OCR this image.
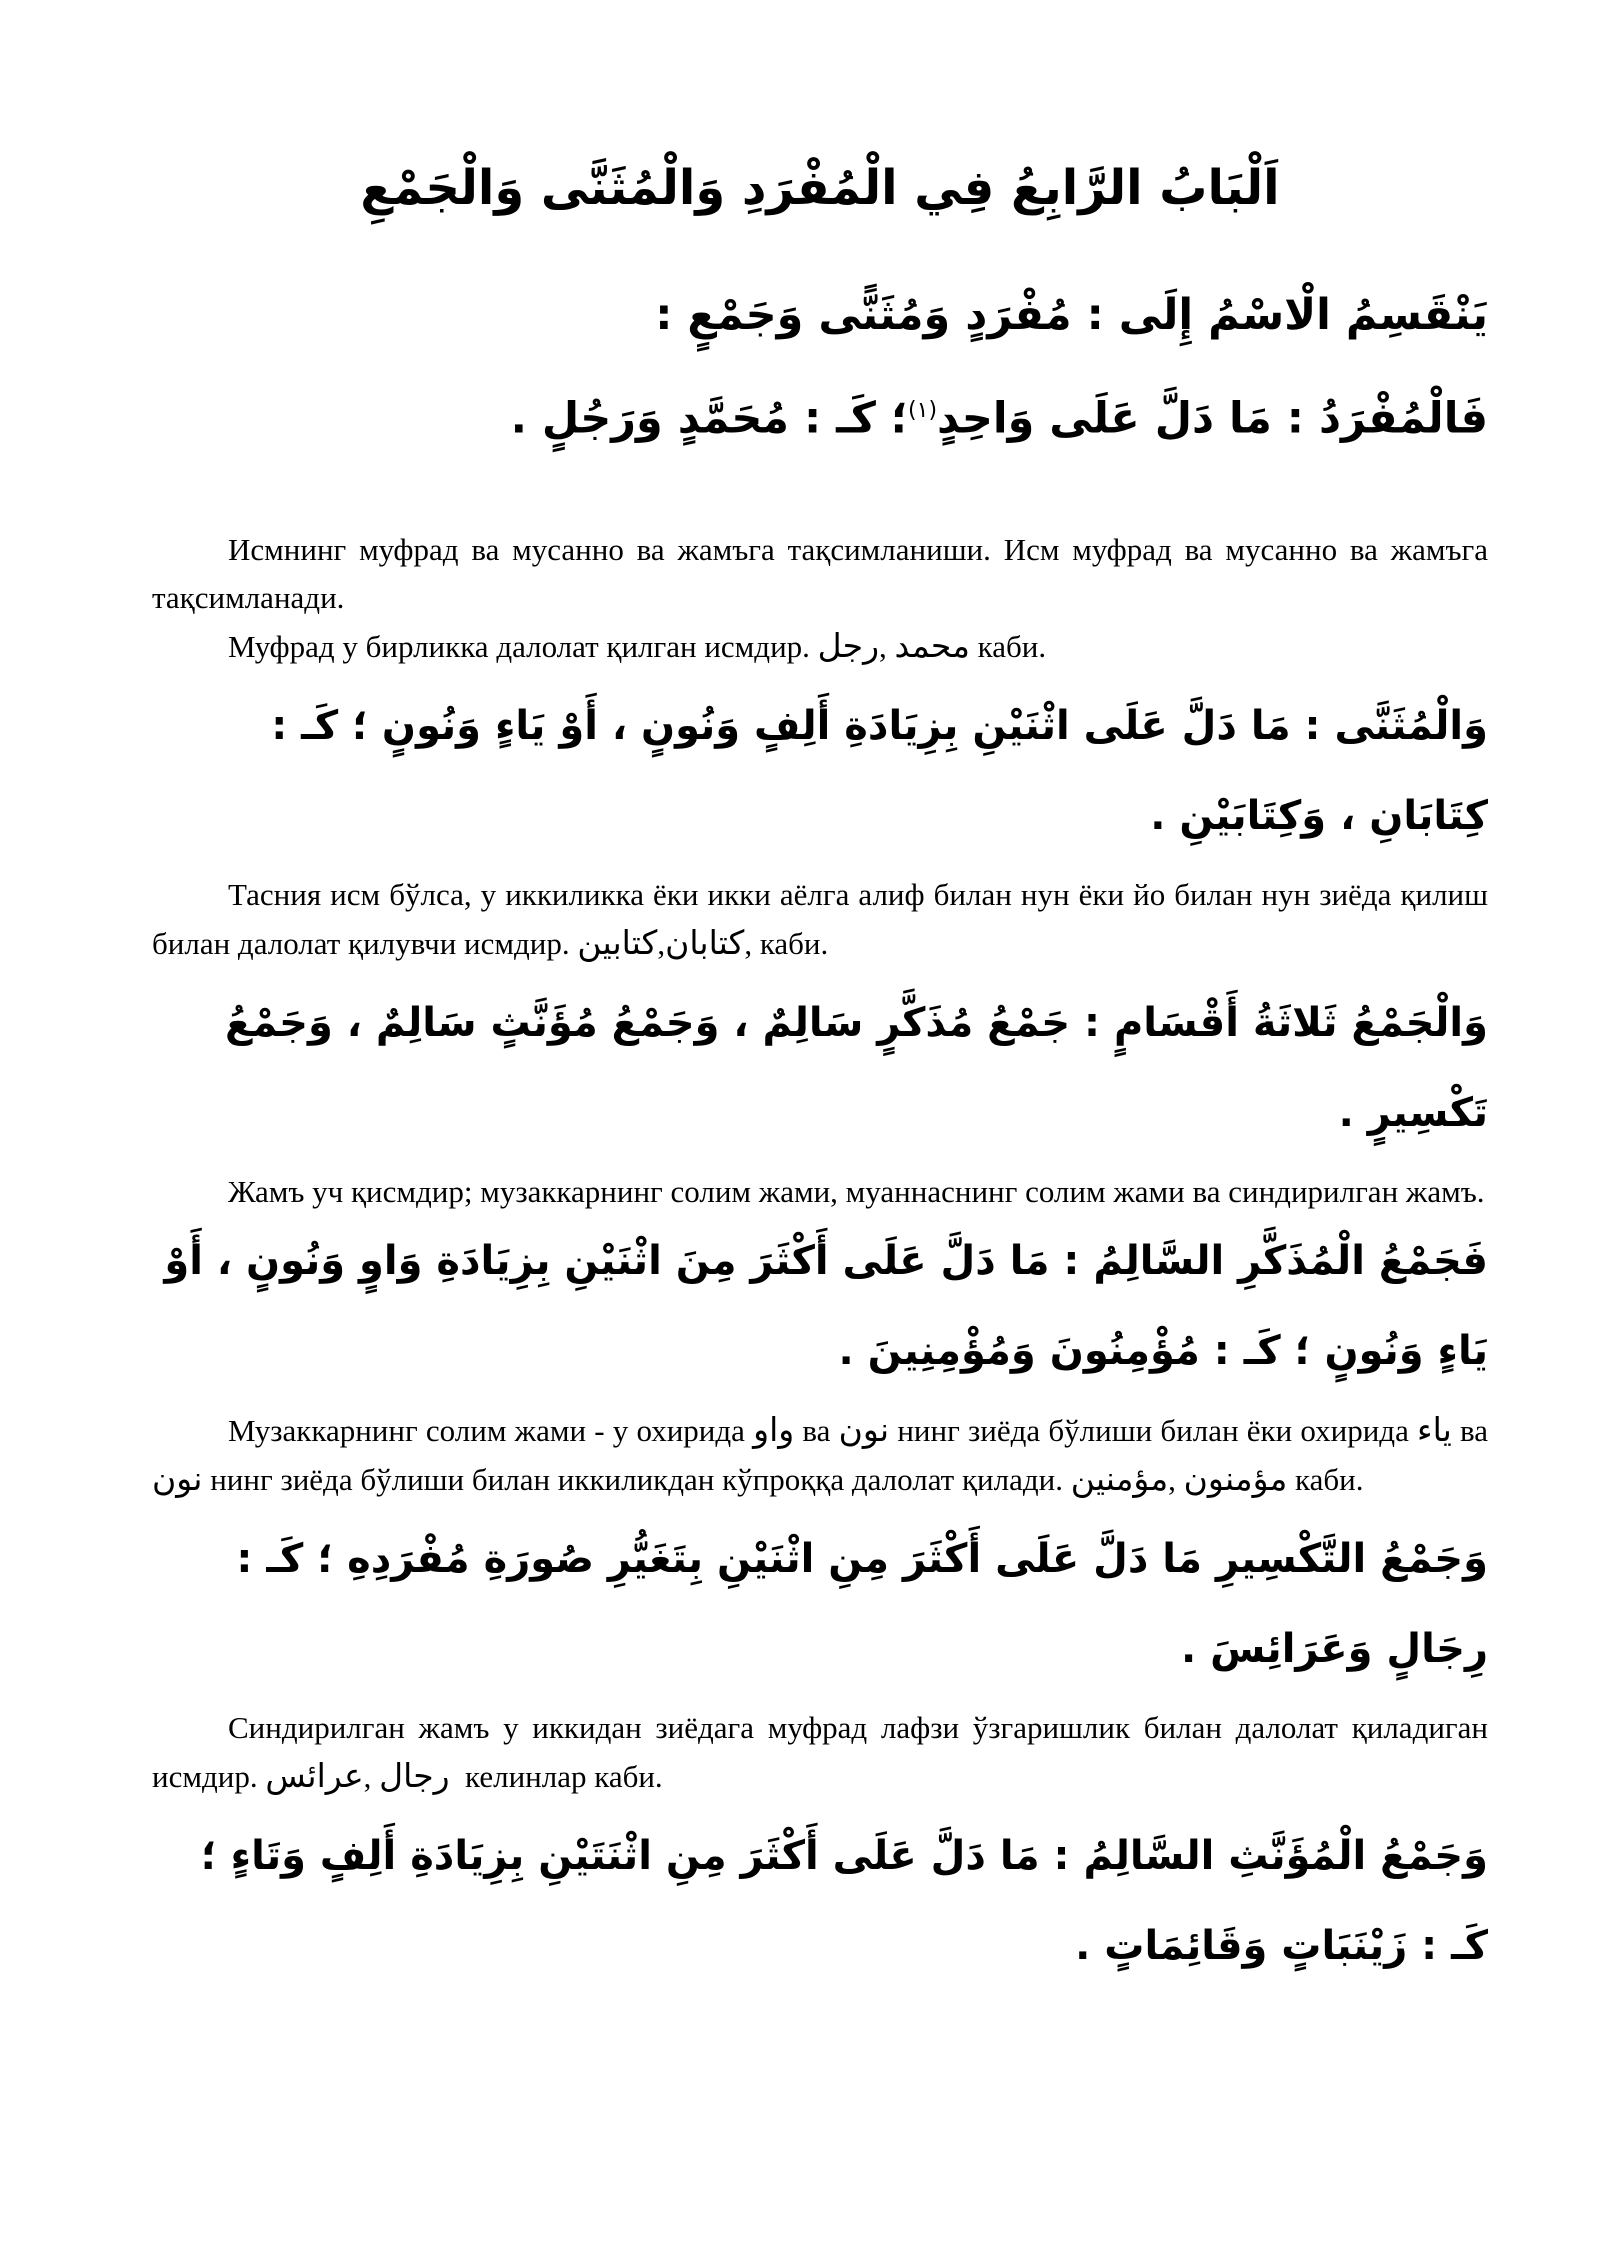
اَلْبَابُ الرَّابِعُ فِي الْمُفْرَدِ وَالْمُثَنَّى وَالْجَمْعِ

يَنْقَسِمُ الْاسْمُ إِلَى : مُفْرَدٍ وَمُثَنًّى وَجَمْعٍ :

فَالْمُفْرَدُ : مَا دَلَّ عَلَى وَاحِدٍ$^{(١)}$؛ كَـ : مُحَمَّدٍ وَرَجُلٍ .

Исмнинг муфрад ва мусанно ва жамъга тақсимланиши. Исм муфрад ва мусанно ва жамъга тақсимланади.

Муфрад у бирликка далолат қилган исмдир. رجل, محمد каби.

وَالْمُثَنَّى : مَا دَلَّ عَلَى اثْنَيْنِ بِزِيَادَةِ أَلِفٍ وَنُونٍ ، أَوْ يَاءٍ وَنُونٍ ؛ كَـ : كِتَابَانِ ، وَكِتَابَيْنِ .

Тасния исм бўлса, у иккиликка ёки икки аёлга алиф билан нун ёки йо билан нун зиёда қилиш билан далолат қилувчи исмдир. كتابين,كتابان, каби.

وَالْجَمْعُ ثَلاثَةُ أَقْسَامٍ : جَمْعُ مُذَكَّرٍ سَالِمٌ ، وَجَمْعُ مُؤَنَّثٍ سَالِمٌ ، وَجَمْعُ تَكْسِيرٍ .

Жамъ уч қисмдир; музаккарнинг солим жами, муаннаснинг солим жами ва синдирилган жамъ.

فَجَمْعُ الْمُذَكَّرِ السَّالِمُ : مَا دَلَّ عَلَى أَكْثَرَ مِنَ اثْنَيْنِ بِزِيَادَةِ وَاوٍ وَنُونٍ ، أَوْ يَاءٍ وَنُونٍ ؛ كَـ : مُؤْمِنُونَ وَمُؤْمِنِينَ .

Музаккарнинг солим жами - у охирида واو ва نون нинг зиёда бўлиши билан ёки охирида ياء ва نون нинг зиёда бўлиши билан иккиликдан кўпроққа далолат қилади. مؤمنين, مؤمنون каби.

وَجَمْعُ التَّكْسِيرِ مَا دَلَّ عَلَى أَكْثَرَ مِنِ اثْنَيْنِ بِتَغَيُّرِ صُورَةِ مُفْرَدِهِ ؛ كَـ : رِجَالٍ وَعَرَائِسَ .

Синдирилган жамъ у иккидан зиёдага муфрад лафзи ўзгаришлик билан далолат қиладиган исмдир. عرائس, رجال келинлар каби.

وَجَمْعُ الْمُؤَنَّثِ السَّالِمُ : مَا دَلَّ عَلَى أَكْثَرَ مِنِ اثْنَتَيْنِ بِزِيَادَةِ أَلِفٍ وَتَاءٍ ؛ كَـ : زَيْنَبَاتٍ وَقَائِمَاتٍ .
